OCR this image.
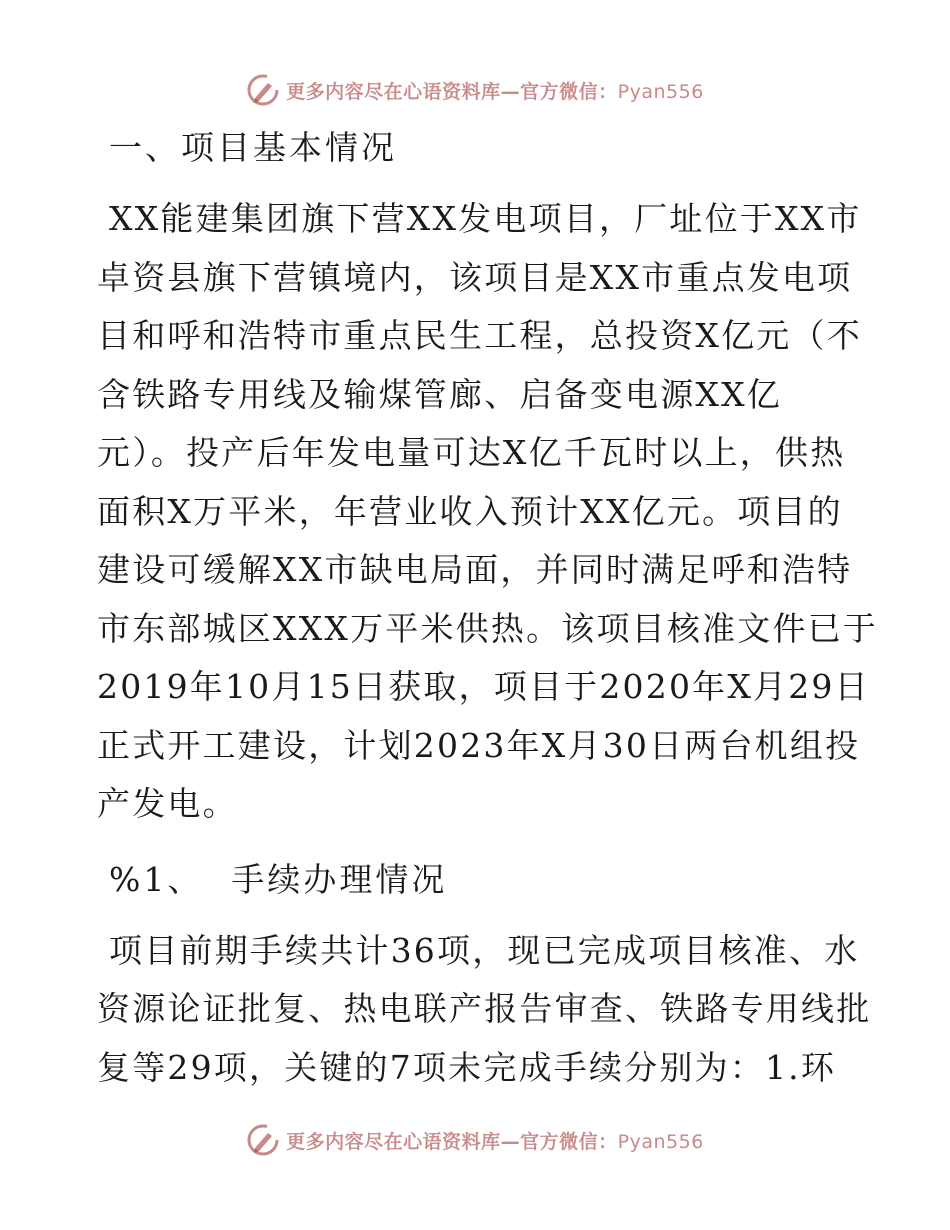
更多内容尽在心语资料库—官方微信：Pyan556
一、项目基本情况
XX能建集团旗下营XX发电项目，厂址位于XX市
卓资县旗下营镇境内，该项目是XX市重点发电项
目和呼和浩特市重点民生工程，总投资X亿元（不
含铁路专用线及输煤管廊、启备变电源XX亿
元）。投产后年发电量可达X亿千瓦时以上，供热
面积X万平米，年营业收入预计XX亿元。项目的
建设可缓解XX市缺电局面，并同时满足呼和浩特
市东部城区XXX万平米供热。该项目核准文件已于
2019年10月15日获取，项目于2020年X月29日
正式开工建设，计划2023年X月30日两台机组投
产发电。
%1、 手续办理情况
项目前期手续共计36项，现已完成项目核准、水
资源论证批复、热电联产报告审查、铁路专用线批
复等29项，关键的7项未完成手续分别为：1.环
更多内容尽在心语资料库—官方微信：Pyan556
